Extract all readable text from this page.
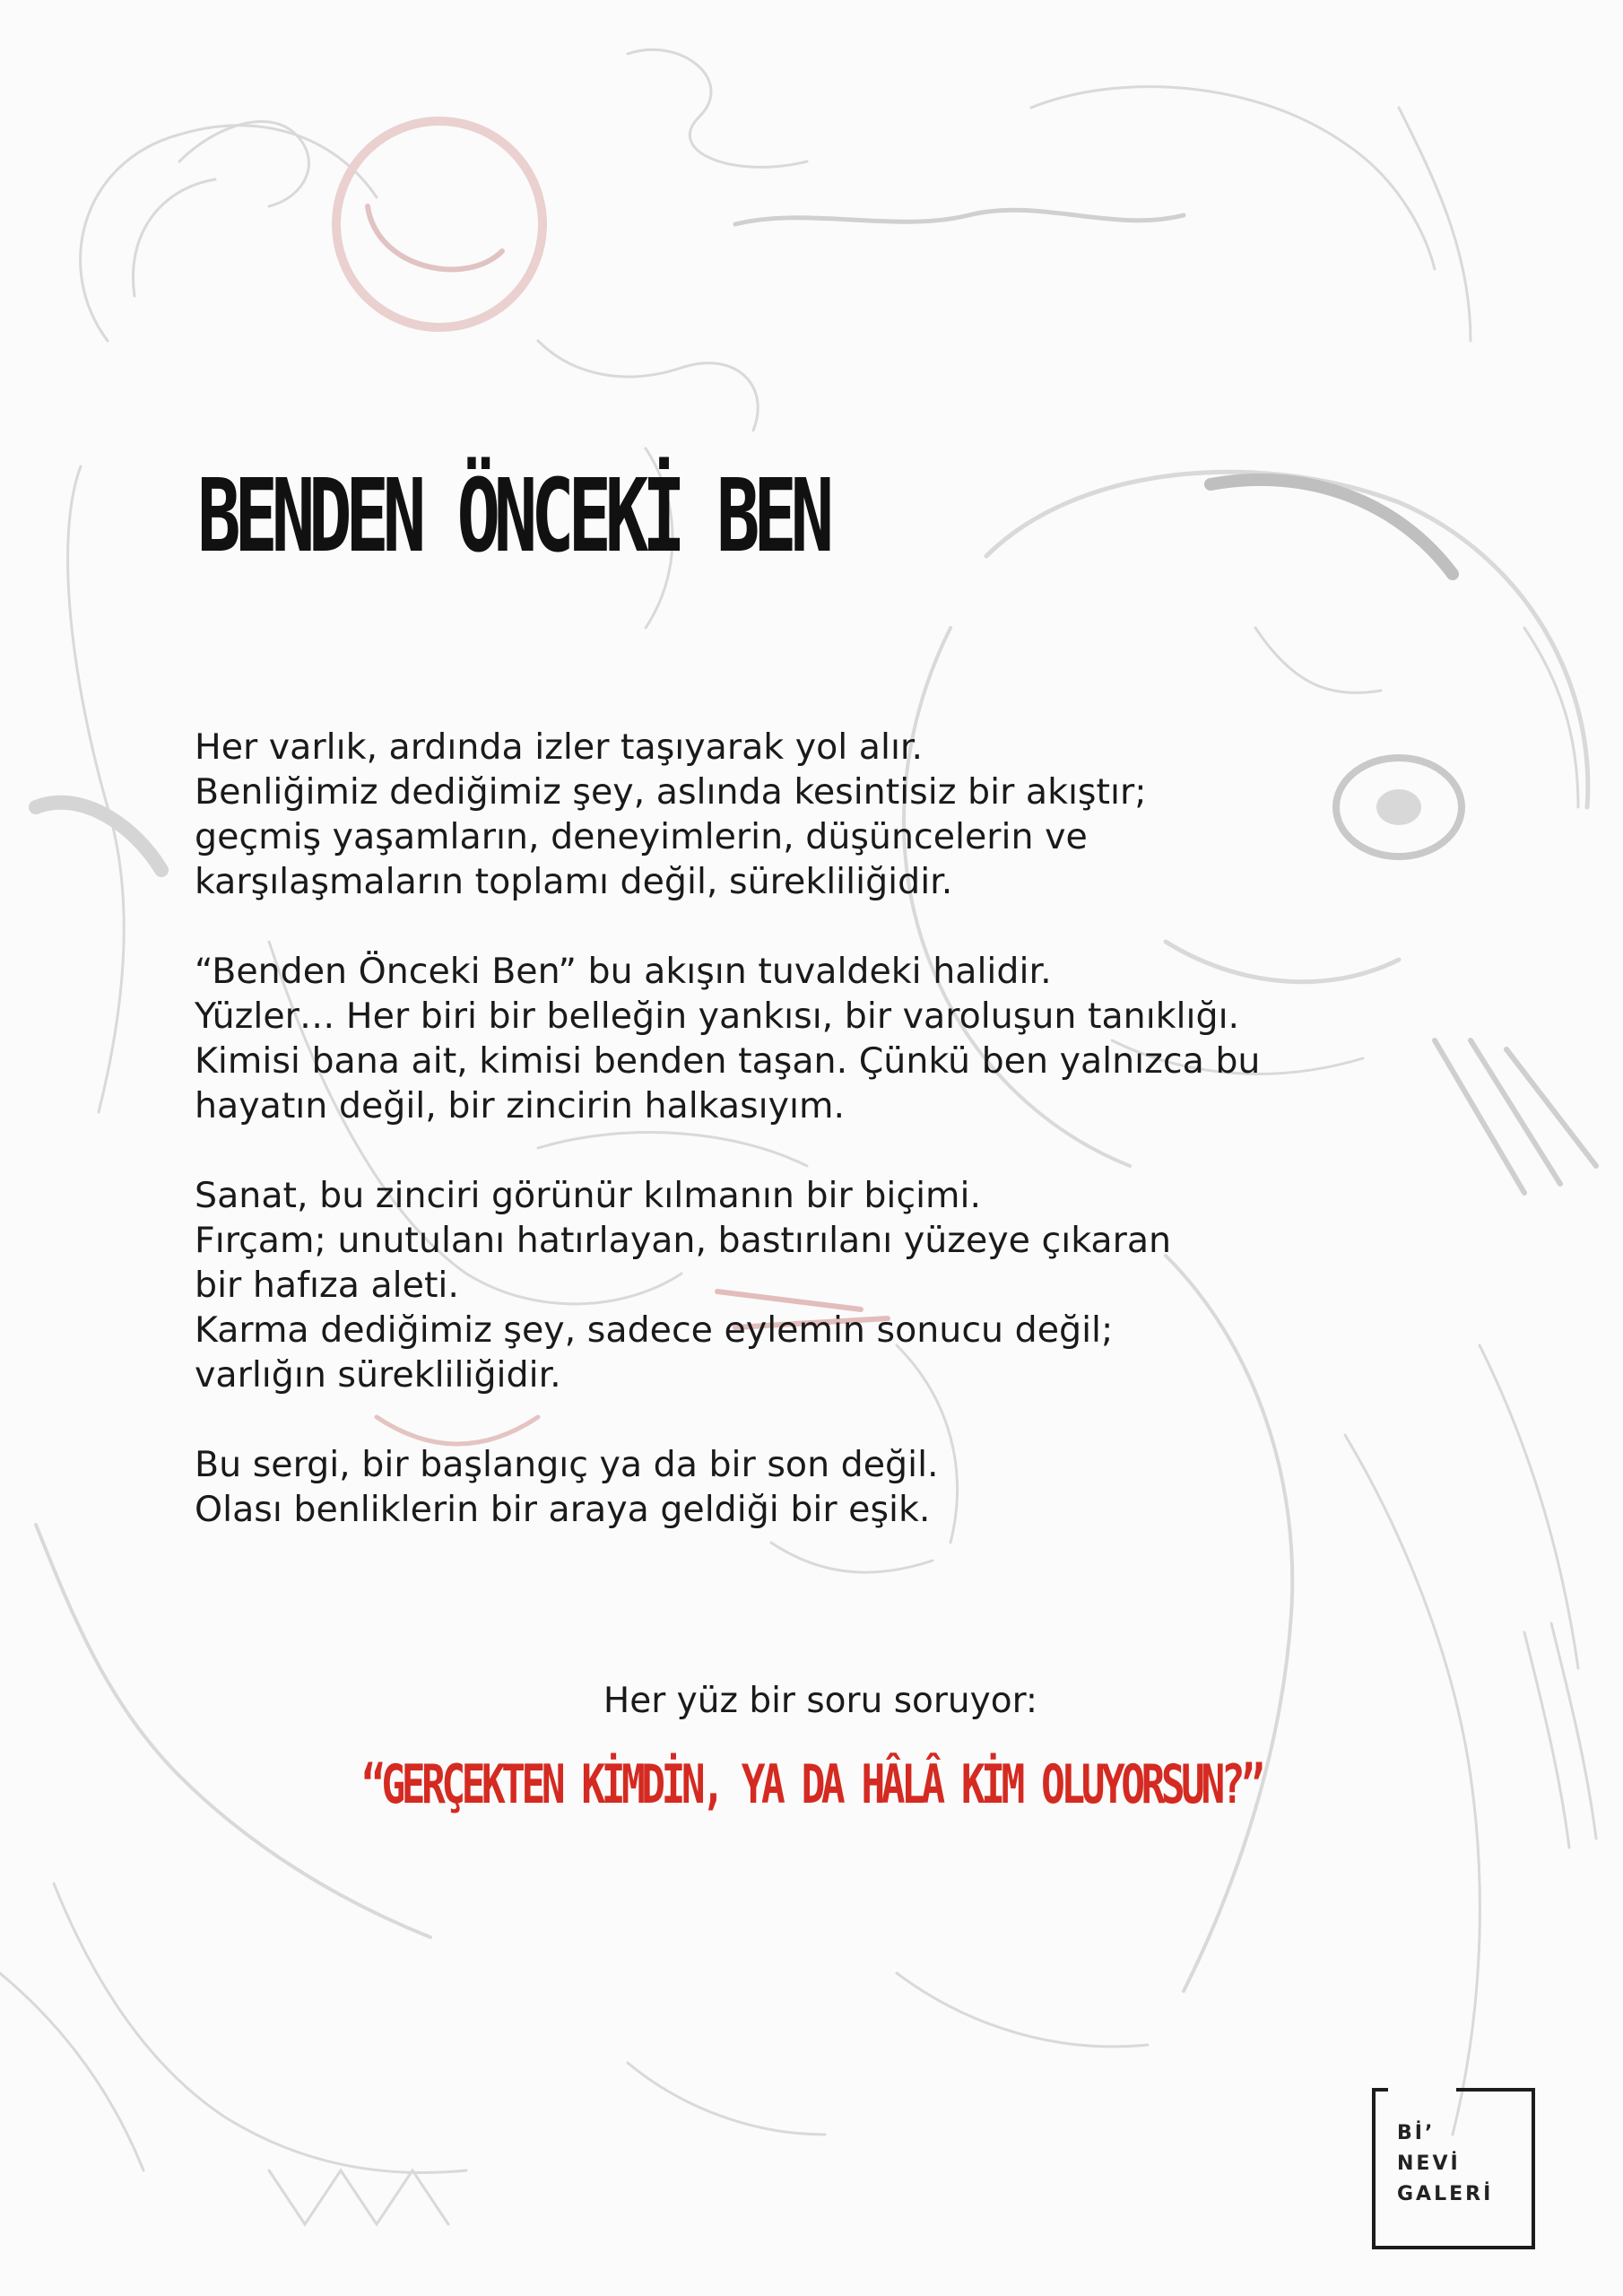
BENDEN ÖNCEKİ BEN

Her varlık, ardında izler taşıyarak yol alır.
Benliğimiz dediğimiz şey, aslında kesintisiz bir akıştır;
geçmiş yaşamların, deneyimlerin, düşüncelerin ve
karşılaşmaların toplamı değil, sürekliliğidir.

“Benden Önceki Ben” bu akışın tuvaldeki halidir.
Yüzler… Her biri bir belleğin yankısı, bir varoluşun tanıklığı.
Kimisi bana ait, kimisi benden taşan. Çünkü ben yalnızca bu
hayatın değil, bir zincirin halkasıyım.

Sanat, bu zinciri görünür kılmanın bir biçimi.
Fırçam; unutulanı hatırlayan, bastırılanı yüzeye çıkaran
bir hafıza aleti.
Karma dediğimiz şey, sadece eylemin sonucu değil;
varlığın sürekliliğidir.

Bu sergi, bir başlangıç ya da bir son değil.
Olası benliklerin bir araya geldiği bir eşik.

Her yüz bir soru soruyor:
“GERÇEKTEN KİMDİN, YA DA HÂLÂ KİM OLUYORSUN?”
Bİ’
NEVİ
GALERİ
